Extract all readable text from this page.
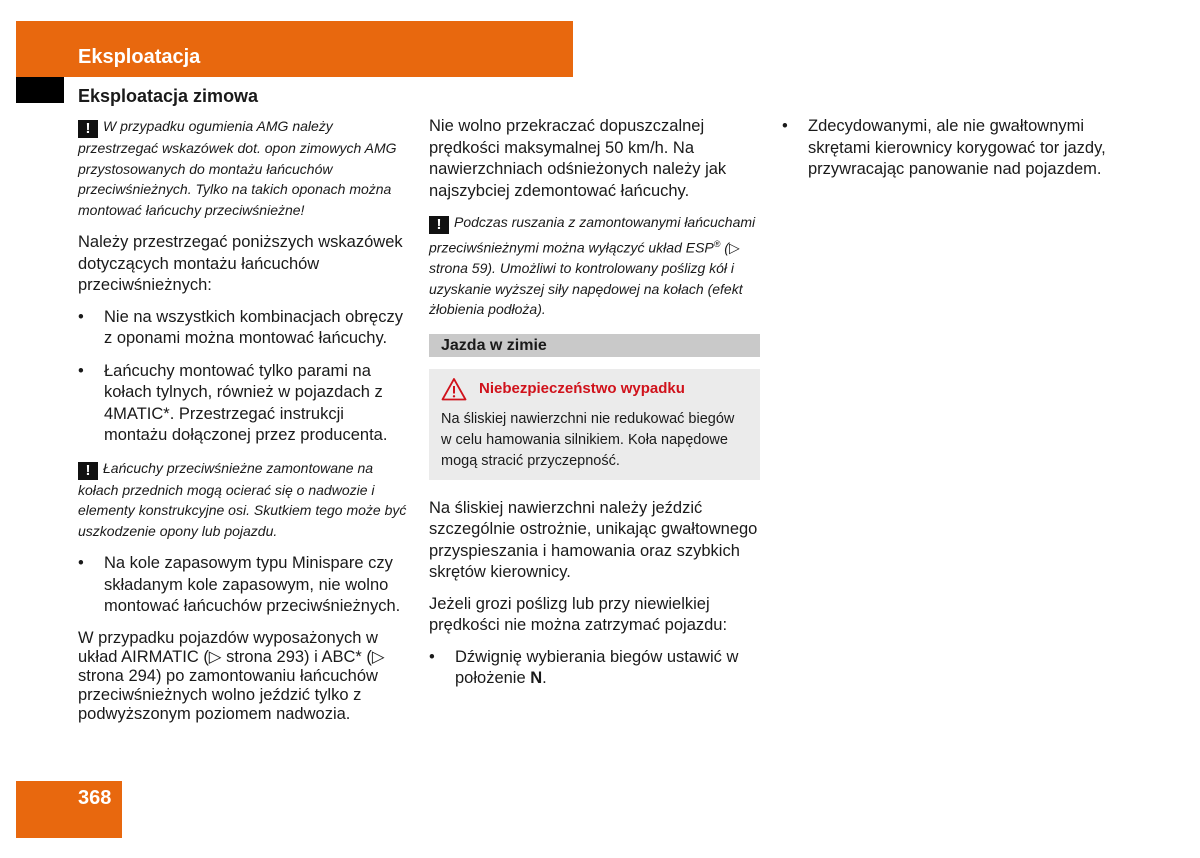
Eksploatacja
Eksploatacja zimowa
! W przypadku ogumienia AMG należy przestrzegać wskazówek dot. opon zimowych AMG przystosowanych do montażu łańcuchów przeciwśnieżnych. Tylko na takich oponach można montować łańcuchy przeciwśnieżne!

Należy przestrzegać poniższych wskazówek dotyczących montażu łańcuchów przeciwśnieżnych:

• Nie na wszystkich kombinacjach obręczy z oponami można montować łańcuchy.
• Łańcuchy montować tylko parami na kołach tylnych, również w pojazdach z 4MATIC*. Przestrzegać instrukcji montażu dołączonej przez producenta.
! Łańcuchy przeciwśnieżne zamontowane na kołach przednich mogą ocierać się o nadwozie i elementy konstrukcyjne osi. Skutkiem tego może być uszkodzenie opony lub pojazdu.
• Na kole zapasowym typu Minispare czy składanym kole zapasowym, nie wolno montować łańcuchów przeciwśnieżnych.

W przypadku pojazdów wyposażonych w układ AIRMATIC (▷ strona 293) i ABC* (▷ strona 294) po zamontowaniu łańcuchów przeciwśnieżnych wolno jeździć tylko z podwyższonym poziomem nadwozia.

Nie wolno przekraczać dopuszczalnej prędkości maksymalnej 50 km/h. Na nawierzchniach odśnieżonych należy jak najszybciej zdemontować łańcuchy.

! Podczas ruszania z zamontowanymi łańcuchami przeciwśnieżnymi można wyłączyć układ ESP® (▷ strona 59). Umożliwi to kontrolowany poślizg kół i uzyskanie wyższej siły napędowej na kołach (efekt żłobienia podłoża).
Jazda w zimie
Niebezpieczeństwo wypadku
Na śliskiej nawierzchni nie redukować biegów w celu hamowania silnikiem. Koła napędowe mogą stracić przyczepność.

Na śliskiej nawierzchni należy jeździć szczególnie ostrożnie, unikając gwałtownego przyspieszania i hamowania oraz szybkich skrętów kierownicy.

Jeżeli grozi poślizg lub przy niewielkiej prędkości nie można zatrzymać pojazdu:

• Dźwignię wybierania biegów ustawić w położenie N.
• Zdecydowanymi, ale nie gwałtownymi skrętami kierownicy korygować tor jazdy, przywracając panowanie nad pojazdem.
368
